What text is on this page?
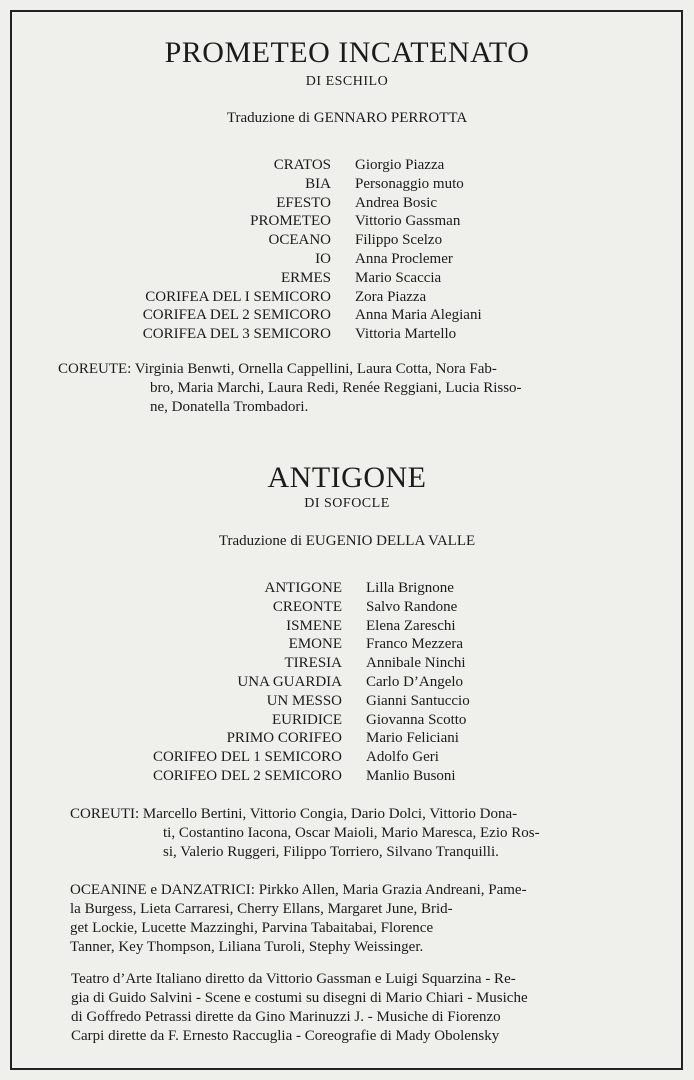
PROMETEO INCATENATO
DI ESCHILO
Traduzione di GENNARO PERROTTA
CRATOS Giorgio Piazza
BIA Personaggio muto
EFESTO Andrea Bosic
PROMETEO Vittorio Gassman
OCEANO Filippo Scelzo
IO Anna Proclemer
ERMES Mario Scaccia
CORIFEA DEL I SEMICORO Zora Piazza
CORIFEA DEL 2 SEMICORO Anna Maria Alegiani
CORIFEA DEL 3 SEMICORO Vittoria Martello
CORЕUTE: Virginia Benwti, Ornella Cappellini, Laura Cotta, Nora Fab-
bro, Maria Marchi, Laura Redi, Renée Reggiani, Lucia Risso-
ne, Donatella Trombadori.
ANTIGONE
DI SOFOCLE
Traduzione di EUGENIO DELLA VALLE
ANTIGONE Lilla Brignone
CREONTE Salvo Randone
ISMENE Elena Zareschi
EMONE Franco Mezzera
TIRESIA Annibale Ninchi
UNA GUARDIA Carlo D’Angelo
UN MESSO Gianni Santuccio
EURIDICE Giovanna Scotto
PRIMO CORIFEO Mario Feliciani
CORIFEO DEL 1 SEMICORO Adolfo Geri
CORIFEO DEL 2 SEMICORO Manlio Busoni
COREUTI: Marcello Bertini, Vittorio Congia, Dario Dolci, Vittorio Dona-
ti, Costantino Iacona, Oscar Maioli, Mario Maresca, Ezio Ros-
si, Valerio Ruggeri, Filippo Torriero, Silvano Tranquilli.
OCEANINE e DANZATRICI: Pirkko Allen, Maria Grazia Andreani, Pame-
la Burgess, Lieta Carraresi, Cherry Ellans, Margaret June, Brid-
get Lockie, Lucette Mazzinghi, Parvina Tabaitabai, Florence
Tanner, Key Thompson, Liliana Turoli, Stephy Weissinger.
Teatro d’Arte Italiano diretto da Vittorio Gassman e Luigi Squarzina - Re-
gia di Guido Salvini - Scene e costumi su disegni di Mario Chiari - Musiche
di Goffredo Petrassi dirette da Gino Marinuzzi J. - Musiche di Fiorenzo
Carpi dirette da F. Ernesto Raccuglia - Coreografie di Mady Obolensky
